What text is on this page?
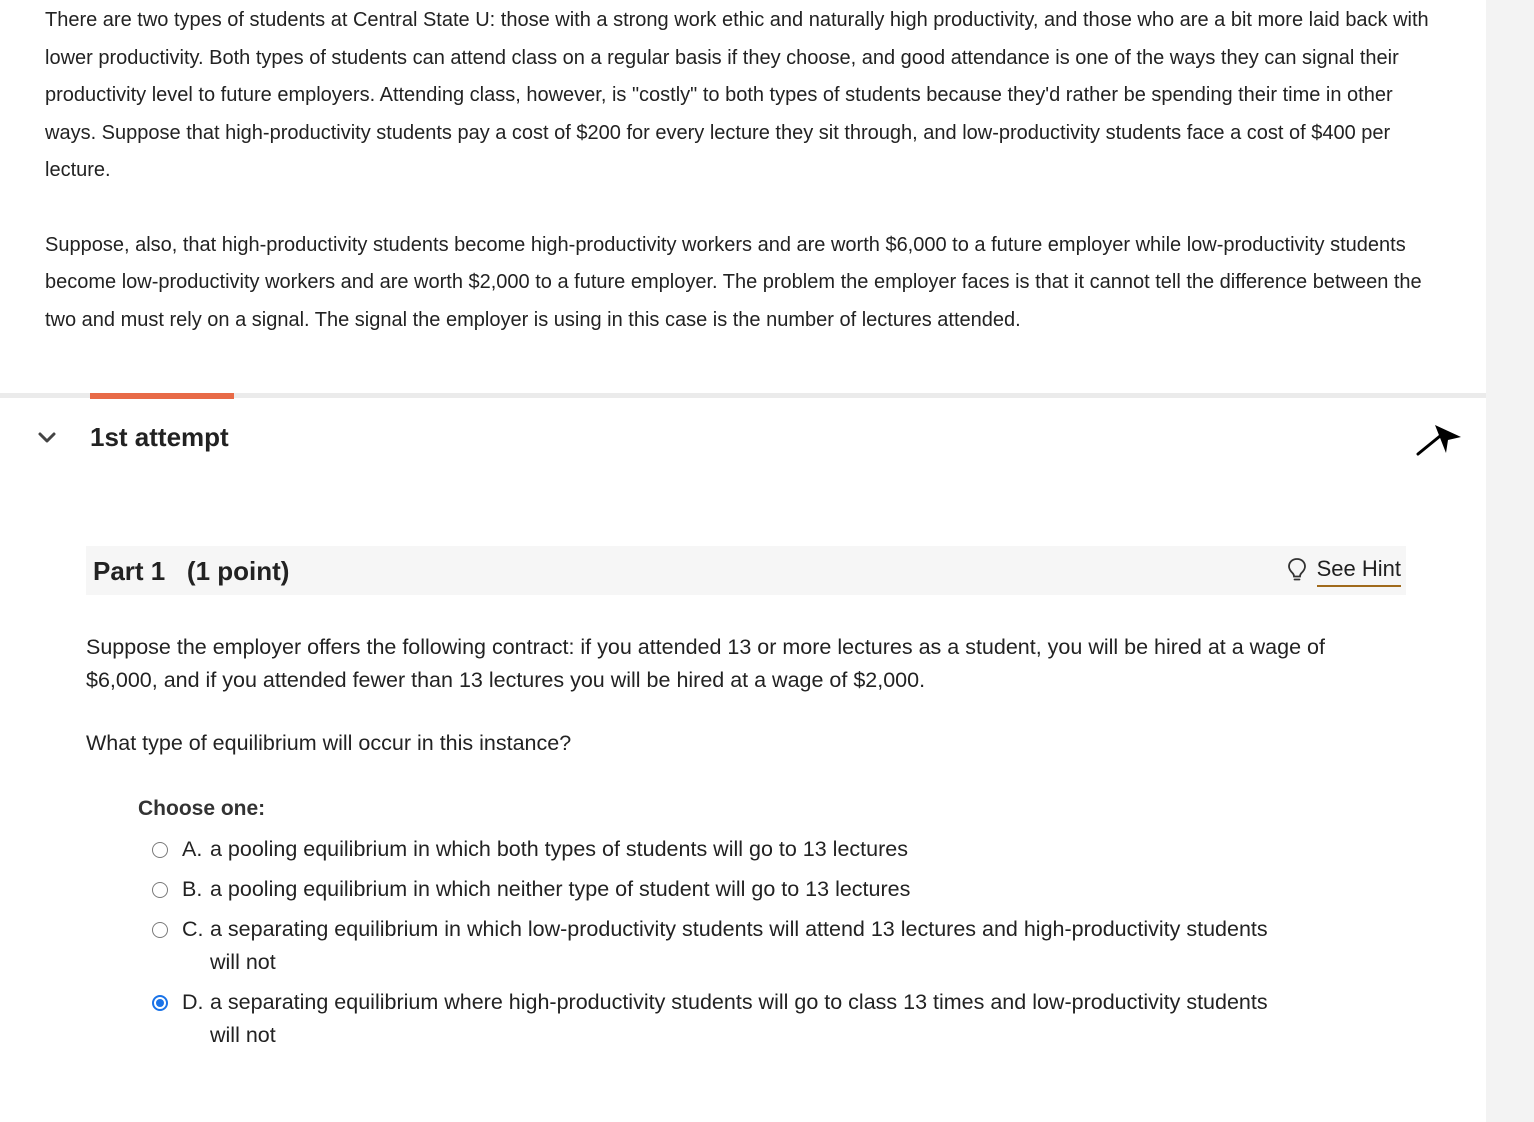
There are two types of students at Central State U: those with a strong work ethic and naturally high productivity, and those who are a bit more laid back with lower productivity. Both types of students can attend class on a regular basis if they choose, and good attendance is one of the ways they can signal their productivity level to future employers. Attending class, however, is "costly" to both types of students because they'd rather be spending their time in other ways. Suppose that high-productivity students pay a cost of $200 for every lecture they sit through, and low-productivity students face a cost of $400 per lecture.

Suppose, also, that high-productivity students become high-productivity workers and are worth $6,000 to a future employer while low-productivity students become low-productivity workers and are worth $2,000 to a future employer. The problem the employer faces is that it cannot tell the difference between the two and must rely on a signal. The signal the employer is using in this case is the number of lectures attended.

1st attempt
Part 1   (1 point)	See Hint

Suppose the employer offers the following contract: if you attended 13 or more lectures as a student, you will be hired at a wage of $6,000, and if you attended fewer than 13 lectures you will be hired at a wage of $2,000.

What type of equilibrium will occur in this instance?

Choose one:
A. a pooling equilibrium in which both types of students will go to 13 lectures
B. a pooling equilibrium in which neither type of student will go to 13 lectures
C. a separating equilibrium in which low-productivity students will attend 13 lectures and high-productivity students will not
D. a separating equilibrium where high-productivity students will go to class 13 times and low-productivity students will not
